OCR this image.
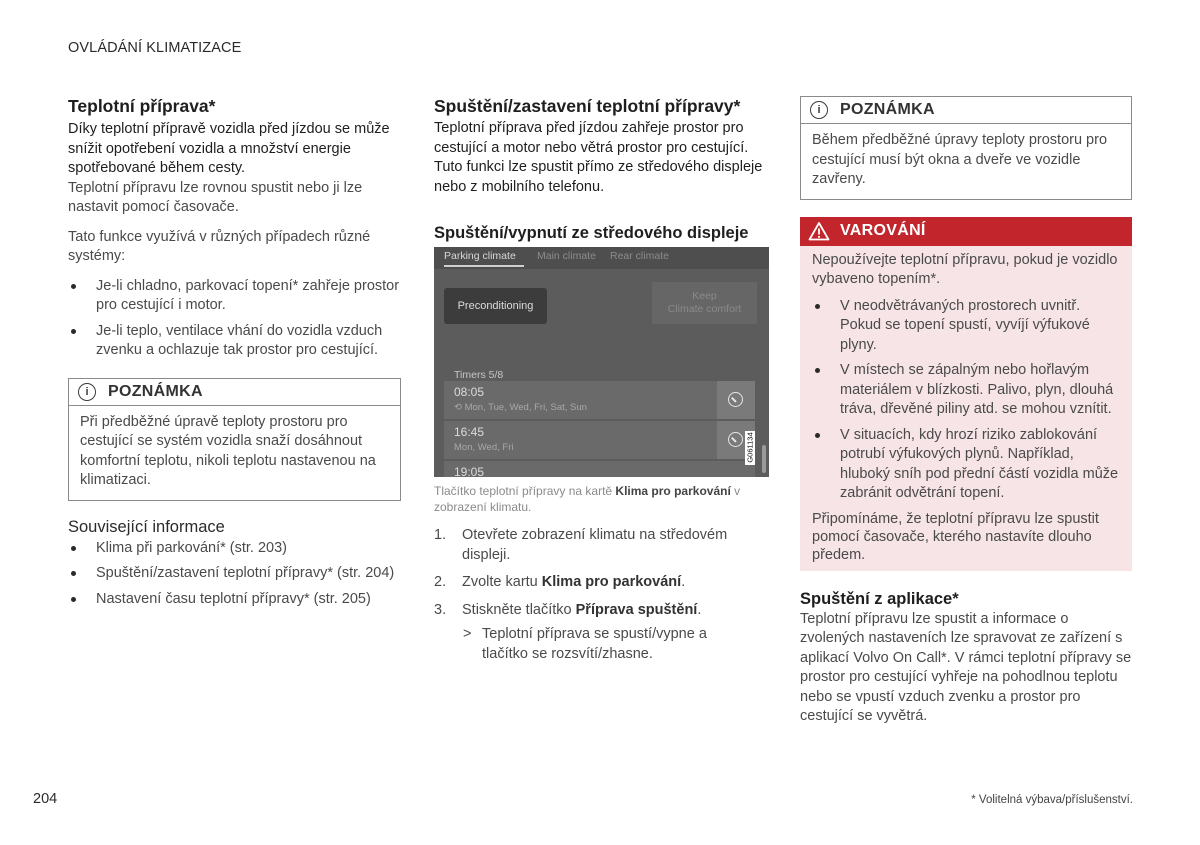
OVLÁDÁNÍ KLIMATIZACE
Teplotní příprava*

Díky teplotní přípravě vozidla před jízdou se může snížit opotřebení vozidla a množství energie spotřebované během cesty.

Teplotní přípravu lze rovnou spustit nebo ji lze nastavit pomocí časovače.

Tato funkce využívá v různých případech různé systémy:

Je-li chladno, parkovací topení* zahřeje prostor pro cestující i motor.
Je-li teplo, ventilace vhání do vozidla vzduch zvenku a ochlazuje tak prostor pro cestující.
i	POZNÁMKA
Při předběžné úpravě teploty prostoru pro cestující se systém vozidla snaží dosáhnout komfortní teplotu, nikoli teplotu nastavenou na klimatizaci.
Související informace
Klima při parkování* (str. 203)
Spuštění/zastavení teplotní přípravy* (str. 204)
Nastavení času teplotní přípravy* (str. 205)
Spuštění/zastavení teplotní přípravy*

Teplotní příprava před jízdou zahřeje prostor pro cestující a motor nebo větrá prostor pro cestující. Tuto funkci lze spustit přímo ze středového displeje nebo z mobilního telefonu.

Spuštění/vypnutí ze středového displeje
Parking climate Main climate Rear climate
Preconditioning
Keep
Climate comfort
Timers 5/8
08:05
⟲ Mon, Tue, Wed, Fri, Sat, Sun
16:45
Mon, Wed, Fri
19:05
G061134
Tlačítko teplotní přípravy na kartě Klima pro parkování v zobrazení klimatu.
1. Otevřete zobrazení klimatu na středovém displeji.
2. Zvolte kartu Klima pro parkování.
3. Stiskněte tlačítko Příprava spuštění.
> Teplotní příprava se spustí/vypne a tlačítko se rozsvítí/zhasne.
i	POZNÁMKA
Během předběžné úpravy teploty prostoru pro cestující musí být okna a dveře ve vozidle zavřeny.
VAROVÁNÍ

Nepoužívejte teplotní přípravu, pokud je vozidlo vybaveno topením*.

V neodvětrávaných prostorech uvnitř. Pokud se topení spustí, vyvíjí výfukové plyny.
V místech se zápalným nebo hořlavým materiálem v blízkosti. Palivo, plyn, dlouhá tráva, dřevěné piliny atd. se mohou vznítit.
V situacích, kdy hrozí riziko zablokování potrubí výfukových plynů. Například, hluboký sníh pod přední částí vozidla může zabránit odvětrání topení.

Připomínáme, že teplotní přípravu lze spustit pomocí časovače, kterého nastavíte dlouho předem.

Spuštění z aplikace*

Teplotní přípravu lze spustit a informace o zvolených nastaveních lze spravovat ze zařízení s aplikací Volvo On Call*. V rámci teplotní přípravy se prostor pro cestující vyhřeje na pohodlnou teplotu nebo se vpustí vzduch zvenku a prostor pro cestující se vyvětrá.

204	* Volitelná výbava/příslušenství.
